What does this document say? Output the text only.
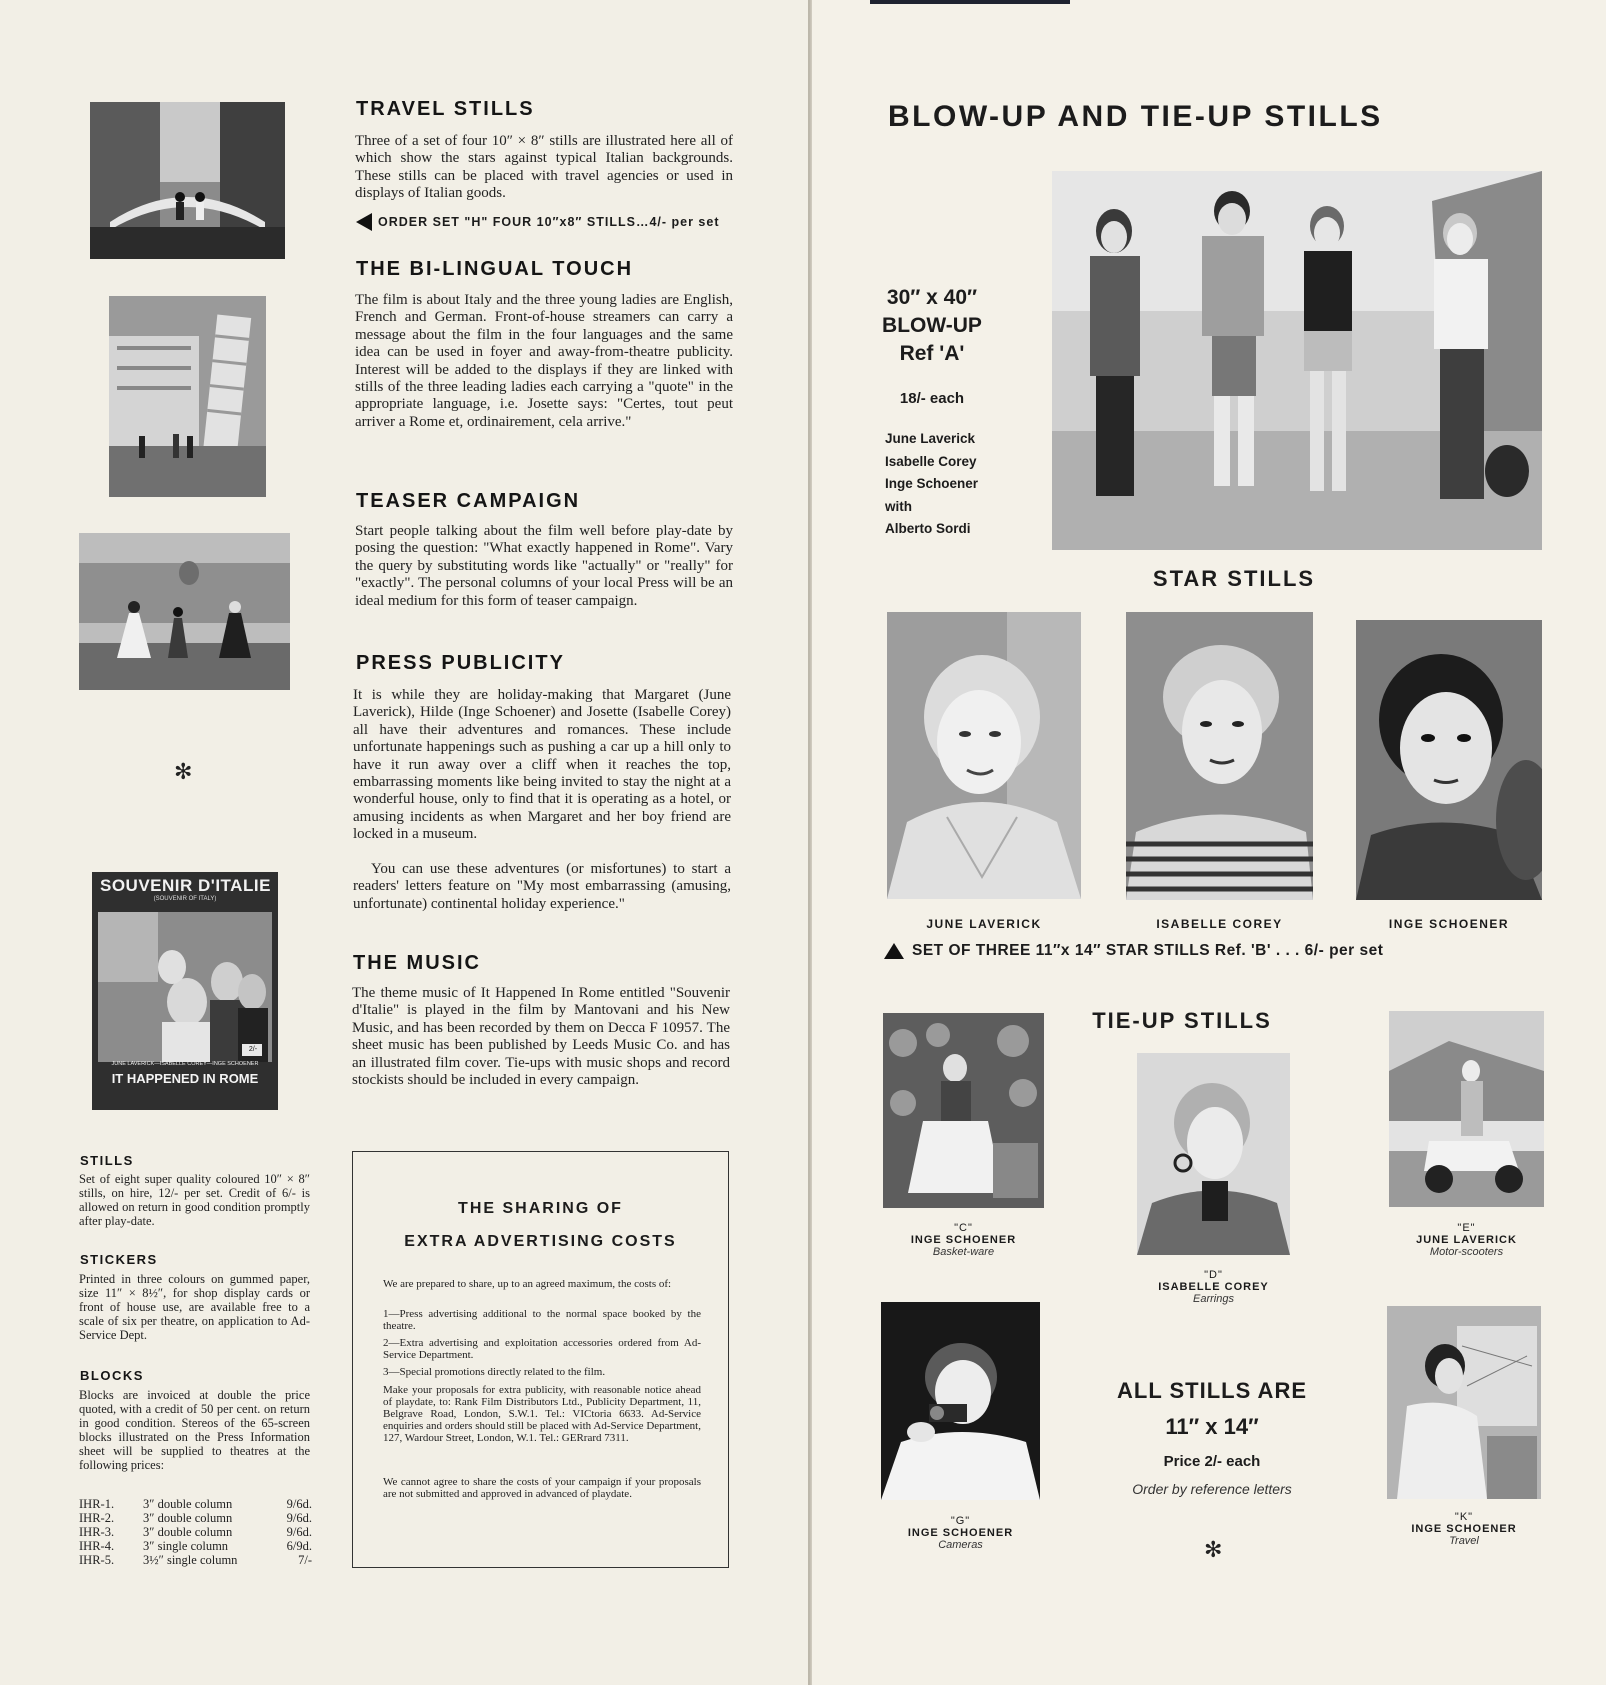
✻
SOUVENIR D'ITALIE
(SOUVENIR OF ITALY)
JUNE LAVERICK—ISABELLE COREY—INGE SCHOENER
IT HAPPENED IN ROME
2/-
TRAVEL STILLS

Three of a set of four 10″ × 8″ stills are illustrated here all of which show the stars against typical Italian backgrounds. These stills can be placed with travel agencies or used in displays of Italian goods.

ORDER SET "H" FOUR 10″x8″ STILLS…4/- per set
THE BI-LINGUAL TOUCH

The film is about Italy and the three young ladies are English, French and German. Front-of-house streamers can carry a message about the film in the four languages and the same idea can be used in foyer and away-from-theatre publicity. Interest will be added to the displays if they are linked with stills of the three leading ladies each carrying a "quote" in the appropriate language, i.e. Josette says: "Certes, tout peut arriver a Rome et, ordinairement, cela arrive."

TEASER CAMPAIGN

Start people talking about the film well before play-date by posing the question: "What exactly happened in Rome". Vary the query by substituting words like "actually" or "really" for "exactly". The personal columns of your local Press will be an ideal medium for this form of teaser campaign.

PRESS PUBLICITY

It is while they are holiday-making that Margaret (June Laverick), Hilde (Inge Schoener) and Josette (Isabelle Corey) all have their adventures and romances. These include unfortunate happenings such as pushing a car up a hill only to have it run away over a cliff when it reaches the top, embarrassing moments like being invited to stay the night at a wonderful house, only to find that it is operating as a hotel, or amusing incidents as when Margaret and her boy friend are locked in a museum.

You can use these adventures (or misfortunes) to start a readers' letters feature on "My most embarrassing (amusing, unfortunate) continental holiday experience."

THE MUSIC

The theme music of It Happened In Rome entitled "Souvenir d'Italie" is played in the film by Mantovani and his New Music, and has been recorded by them on Decca F 10957. The sheet music has been published by Leeds Music Co. and has an illustrated film cover. Tie-ups with music shops and record stockists should be included in every campaign.

STILLS

Set of eight super quality coloured 10″ × 8″ stills, on hire, 12/- per set. Credit of 6/- is allowed on return in good condition promptly after play-date.

STICKERS

Printed in three colours on gummed paper, size 11″ × 8½″, for shop display cards or front of house use, are available free to a scale of six per theatre, on application to Ad-Service Dept.

BLOCKS

Blocks are invoiced at double the price quoted, with a credit of 50 per cent. on return in good condition. Stereos of the 65-screen blocks illustrated on the Press Information sheet will be supplied to theatres at the following prices:

IHR-1.	3″ double column	9/6d.
IHR-2.	3″ double column	9/6d.
IHR-3.	3″ double column	9/6d.
IHR-4.	3″ single column	6/9d.
IHR-5.	3½″ single column	7/-
THE SHARING OF
EXTRA ADVERTISING COSTS

We are prepared to share, up to an agreed maximum, the costs of:

1—Press advertising additional to the normal space booked by the theatre.

2—Extra advertising and exploitation accessories ordered from Ad-Service Department.

3—Special promotions directly related to the film.

Make your proposals for extra publicity, with reasonable notice ahead of playdate, to: Rank Film Distributors Ltd., Publicity Department, 11, Belgrave Road, London, S.W.1. Tel.: VICtoria 6633. Ad-Service enquiries and orders should still be placed with Ad-Service Department, 127, Wardour Street, London, W.1. Tel.: GERrard 7311.

We cannot agree to share the costs of your campaign if your proposals are not submitted and approved in advanced of playdate.

BLOW-UP AND TIE-UP STILLS
30″ x 40″
BLOW-UP
Ref 'A'
18/- each
June Laverick
Isabelle Corey
Inge Schoener
with
Alberto Sordi
STAR STILLS
JUNE LAVERICK	ISABELLE COREY	INGE SCHOENER
SET OF THREE 11″x 14″ STAR STILLS Ref. 'B' . . . 6/- per set
TIE-UP STILLS
"C"
INGE SCHOENER
Basket-ware
"D"
ISABELLE COREY
Earrings
"E"
JUNE LAVERICK
Motor-scooters
"G"
INGE SCHOENER
Cameras
"K"
INGE SCHOENER
Travel
ALL STILLS ARE
11″ x 14″
Price 2/- each
Order by reference letters
✻
